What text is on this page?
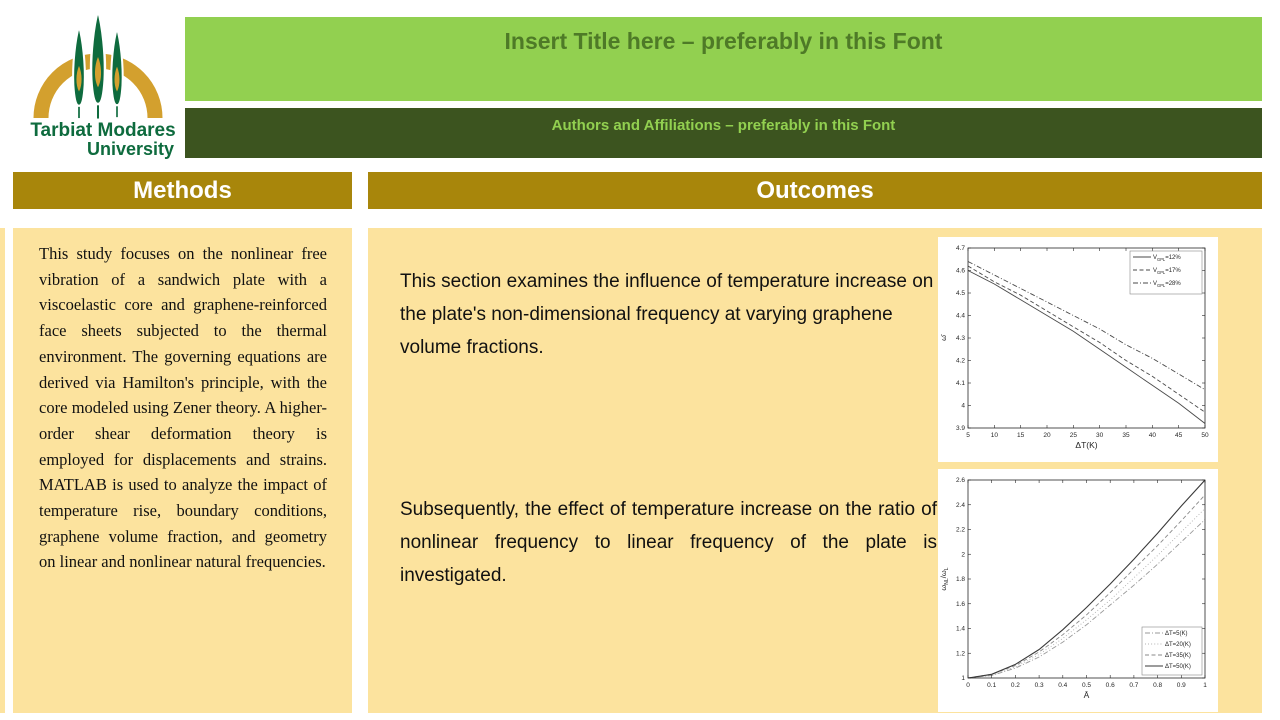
Tarbiat Modares
University
Insert Title here – preferably in this Font
Authors and Affiliations – preferably in this Font
Methods	Outcomes
This study focuses on the nonlinear free vibration of a sandwich plate with a viscoelastic core and graphene-reinforced face sheets subjected to the thermal environment. The governing equations are derived via Hamilton's principle, with the core modeled using Zener theory. A higher-order shear deformation theory is employed for displacements and strains. MATLAB is used to analyze the impact of temperature rise, boundary conditions, graphene volume fraction, and geometry on linear and nonlinear natural frequencies.
This section examines the influence of temperature increase on the plate's non-dimensional frequency at varying graphene volume fractions.
Subsequently, the effect of temperature increase on the ratio of nonlinear frequency to linear frequency of the plate is investigated.
5	10	15	20	25	30	35	40	45	50
3.9
4
4.1
4.2
4.3
4.4
4.5
4.6
4.7
ΔT(K)
ω̄
$V_{GPL}=12\%$
$V_{GPL}=17\%$
$V_{GPL}=28\%$
0	0.1 0.2 0.3 0.4 0.5 0.6 0.7 0.8 0.9	1
1
1.2
1.4
1.6
1.8
2
2.2
2.4
2.6
Ā
$\omega_{NL}/\omega_L$
ΔT=5(K)
ΔT=20(K)
ΔT=35(K)
ΔT=50(K)
